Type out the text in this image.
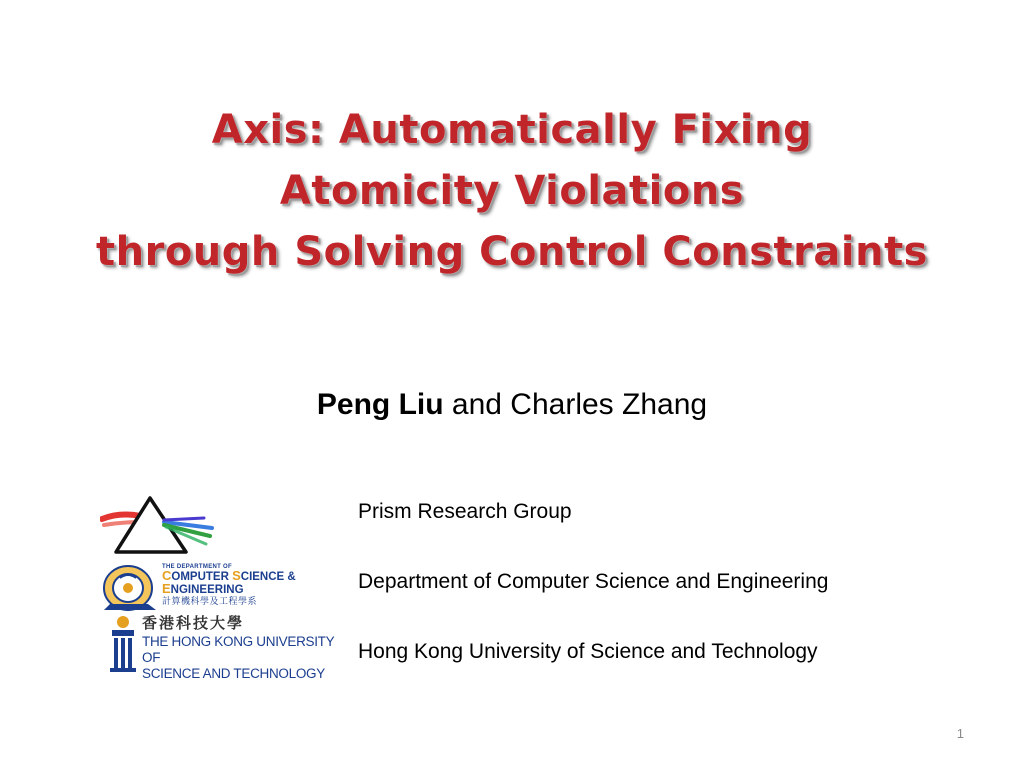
Axis: Automatically Fixing
Atomicity Violations
through Solving Control Constraints
Peng Liu and Charles Zhang
THE DEPARTMENT OF
COMPUTER SCIENCE &
ENGINEERING
計算機科學及工程學系
香港科技大學
THE HONG KONG UNIVERSITY OF
SCIENCE AND TECHNOLOGY
Prism Research Group
Department of Computer Science and Engineering
Hong Kong University of Science and Technology
1
